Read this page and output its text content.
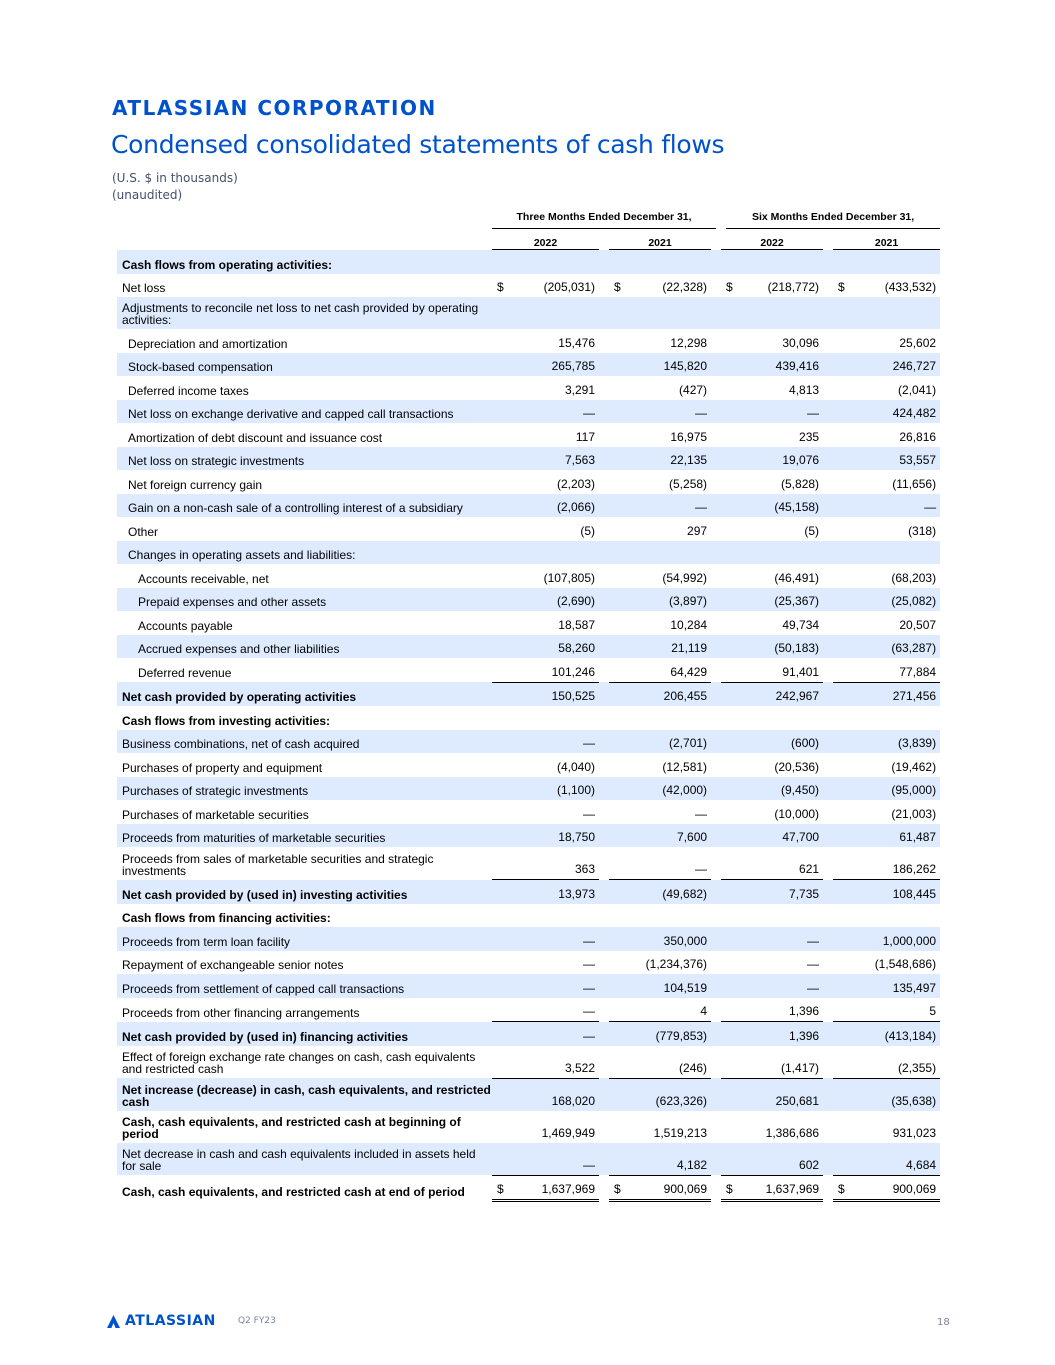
ATLASSIAN CORPORATION
Condensed consolidated statements of cash flows
(U.S. $ in thousands)
(unaudited)

	Three Months Ended December 31,				Six Months Ended December 31,			

	2022		2021		2022		2021	
Cash flows from operating activities:								
Net loss	$	(205,031)	$	(22,328)	$	(218,772)	$	(433,532)
Adjustments to reconcile net loss to net cash provided by operating activities:								
Depreciation and amortization		15,476		12,298		30,096		25,602
Stock-based compensation		265,785		145,820		439,416		246,727
Deferred income taxes		3,291		(427)		4,813		(2,041)
Net loss on exchange derivative and capped call transactions		—		—		—		424,482
Amortization of debt discount and issuance cost		117		16,975		235		26,816
Net loss on strategic investments		7,563		22,135		19,076		53,557
Net foreign currency gain		(2,203)		(5,258)		(5,828)		(11,656)
Gain on a non-cash sale of a controlling interest of a subsidiary		(2,066)		—		(45,158)		—
Other		(5)		297		(5)		(318)
Changes in operating assets and liabilities:								
Accounts receivable, net		(107,805)		(54,992)		(46,491)		(68,203)
Prepaid expenses and other assets		(2,690)		(3,897)		(25,367)		(25,082)
Accounts payable		18,587		10,284		49,734		20,507
Accrued expenses and other liabilities		58,260		21,119		(50,183)		(63,287)
Deferred revenue		101,246		64,429		91,401		77,884
Net cash provided by operating activities		150,525		206,455		242,967		271,456
Cash flows from investing activities:								
Business combinations, net of cash acquired		—		(2,701)		(600)		(3,839)
Purchases of property and equipment		(4,040)		(12,581)		(20,536)		(19,462)
Purchases of strategic investments		(1,100)		(42,000)		(9,450)		(95,000)
Purchases of marketable securities		—		—		(10,000)		(21,003)
Proceeds from maturities of marketable securities		18,750		7,600		47,700		61,487
Proceeds from sales of marketable securities and strategic investments		363		—		621		186,262
Net cash provided by (used in) investing activities		13,973		(49,682)		7,735		108,445
Cash flows from financing activities:								
Proceeds from term loan facility		—		350,000		—		1,000,000
Repayment of exchangeable senior notes		—		(1,234,376)		—		(1,548,686)
Proceeds from settlement of capped call transactions		—		104,519		—		135,497
Proceeds from other financing arrangements		—		4		1,396		5
Net cash provided by (used in) financing activities		—		(779,853)		1,396		(413,184)
Effect of foreign exchange rate changes on cash, cash equivalents and restricted cash		3,522		(246)		(1,417)		(2,355)
Net increase (decrease) in cash, cash equivalents, and restricted cash		168,020		(623,326)		250,681		(35,638)
Cash, cash equivalents, and restricted cash at beginning of period		1,469,949		1,519,213		1,386,686		931,023
Net decrease in cash and cash equivalents included in assets held for sale		—		4,182		602		4,684
Cash, cash equivalents, and restricted cash at end of period	$	1,637,969	$	900,069	$	1,637,969	$	900,069
ATLASSIAN Q2 FY23	18
